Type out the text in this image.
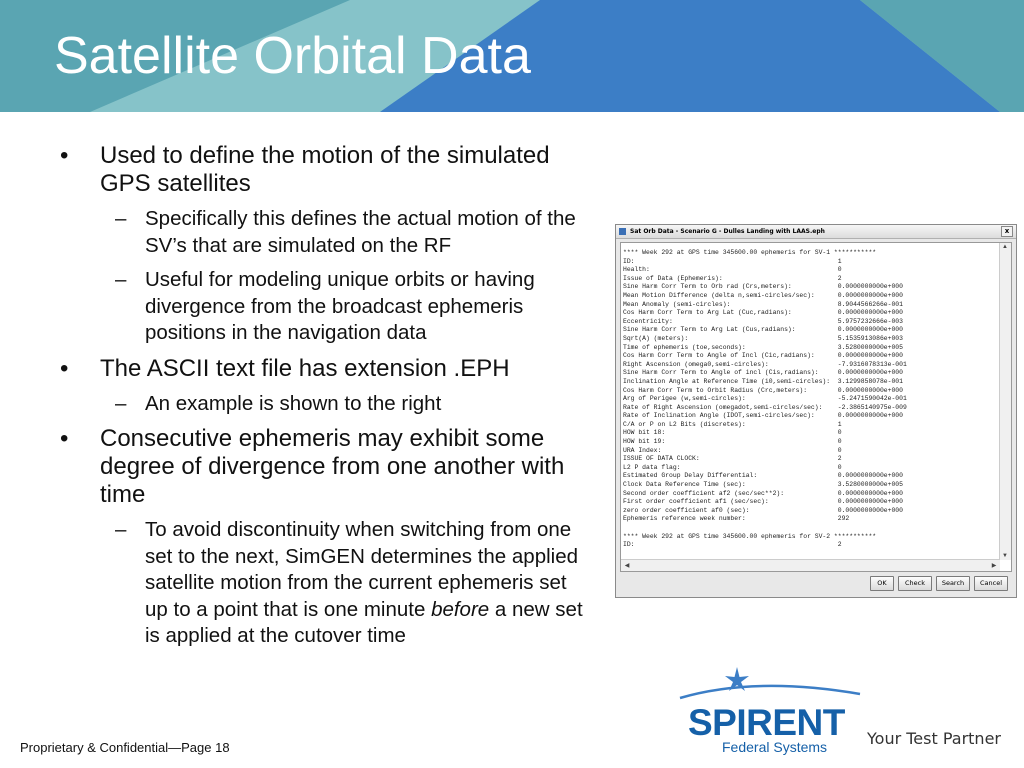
Satellite Orbital Data
• Used to define the motion of the simulated GPS satellites
– Specifically this defines the actual motion of the SV’s that are simulated on the RF
– Useful for modeling unique orbits or having divergence from the broadcast ephemeris positions in the navigation data
• The ASCII text file has extension .EPH
– An example is shown to the right
• Consecutive ephemeris may exhibit some degree of divergence from one another with time
– To avoid discontinuity when switching from one set to the next, SimGEN determines the applied satellite motion from the current ephemeris set up to a point that is one minute before a new set is applied at the cutover time
Sat Orb Data - Scenario G - Dulles Landing with LAAS.eph	x
**** Week 292 at GPS time 345600.00 ephemeris for SV-1 ***********
ID:                                                     1
Health:                                                 0
Issue of Data (Ephemeris):                              2
Sine Harm Corr Term to Orb rad (Crs,meters):            0.0000000000e+000
Mean Motion Difference (delta n,semi-circles/sec):      0.0000000000e+000
Mean Anomaly (semi-circles):                            8.9044566266e-001
Cos Harm Corr Term to Arg Lat (Cuc,radians):            0.0000000000e+000
Eccentricity:                                           5.9757232666e-003
Sine Harm Corr Term to Arg Lat (Cus,radians):           0.0000000000e+000
Sqrt(A) (meters):                                       5.1535913086e+003
Time of ephemeris (toe,seconds):                        3.5280000000e+005
Cos Harm Corr Term to Angle of Incl (Cic,radians):      0.0000000000e+000
Right Ascension (omega0,semi-circles):                  -7.9316078313e-001
Sine Harm Corr Term to Angle of incl (Cis,radians):     0.0000000000e+000
Inclination Angle at Reference Time (i0,semi-circles):  3.1299858078e-001
Cos Harm Corr Term to Orbit Radius (Crc,meters):        0.0000000000e+000
Arg of Perigee (w,semi-circles):                        -5.2471590042e-001
Rate of Right Ascension (omegadot,semi-circles/sec):    -2.3865140975e-009
Rate of Inclination Angle (IDOT,semi-circles/sec):      0.0000000000e+000
C/A or P on L2 Bits (discretes):                        1
HOW bit 18:                                             0
HOW bit 19:                                             0
URA Index:                                              0
ISSUE OF DATA CLOCK:                                    2
L2 P data flag:                                         0
Estimated Group Delay Differential:                     0.0000000000e+000
Clock Data Reference Time (sec):                        3.5280000000e+005
Second order coefficient af2 (sec/sec**2):              0.0000000000e+000
First order coefficient af1 (sec/sec):                  0.0000000000e+000
zero order coefficient af0 (sec):                       0.0000000000e+000
Ephemeris reference week number:                        292

**** Week 292 at GPS time 345600.00 ephemeris for SV-2 ***********
ID:                                                     2
▲
▼
◀	▶
OK	Check	Search	Cancel
Proprietary & Confidential—Page 18
SPIRENT
Federal Systems Your Test Partner
